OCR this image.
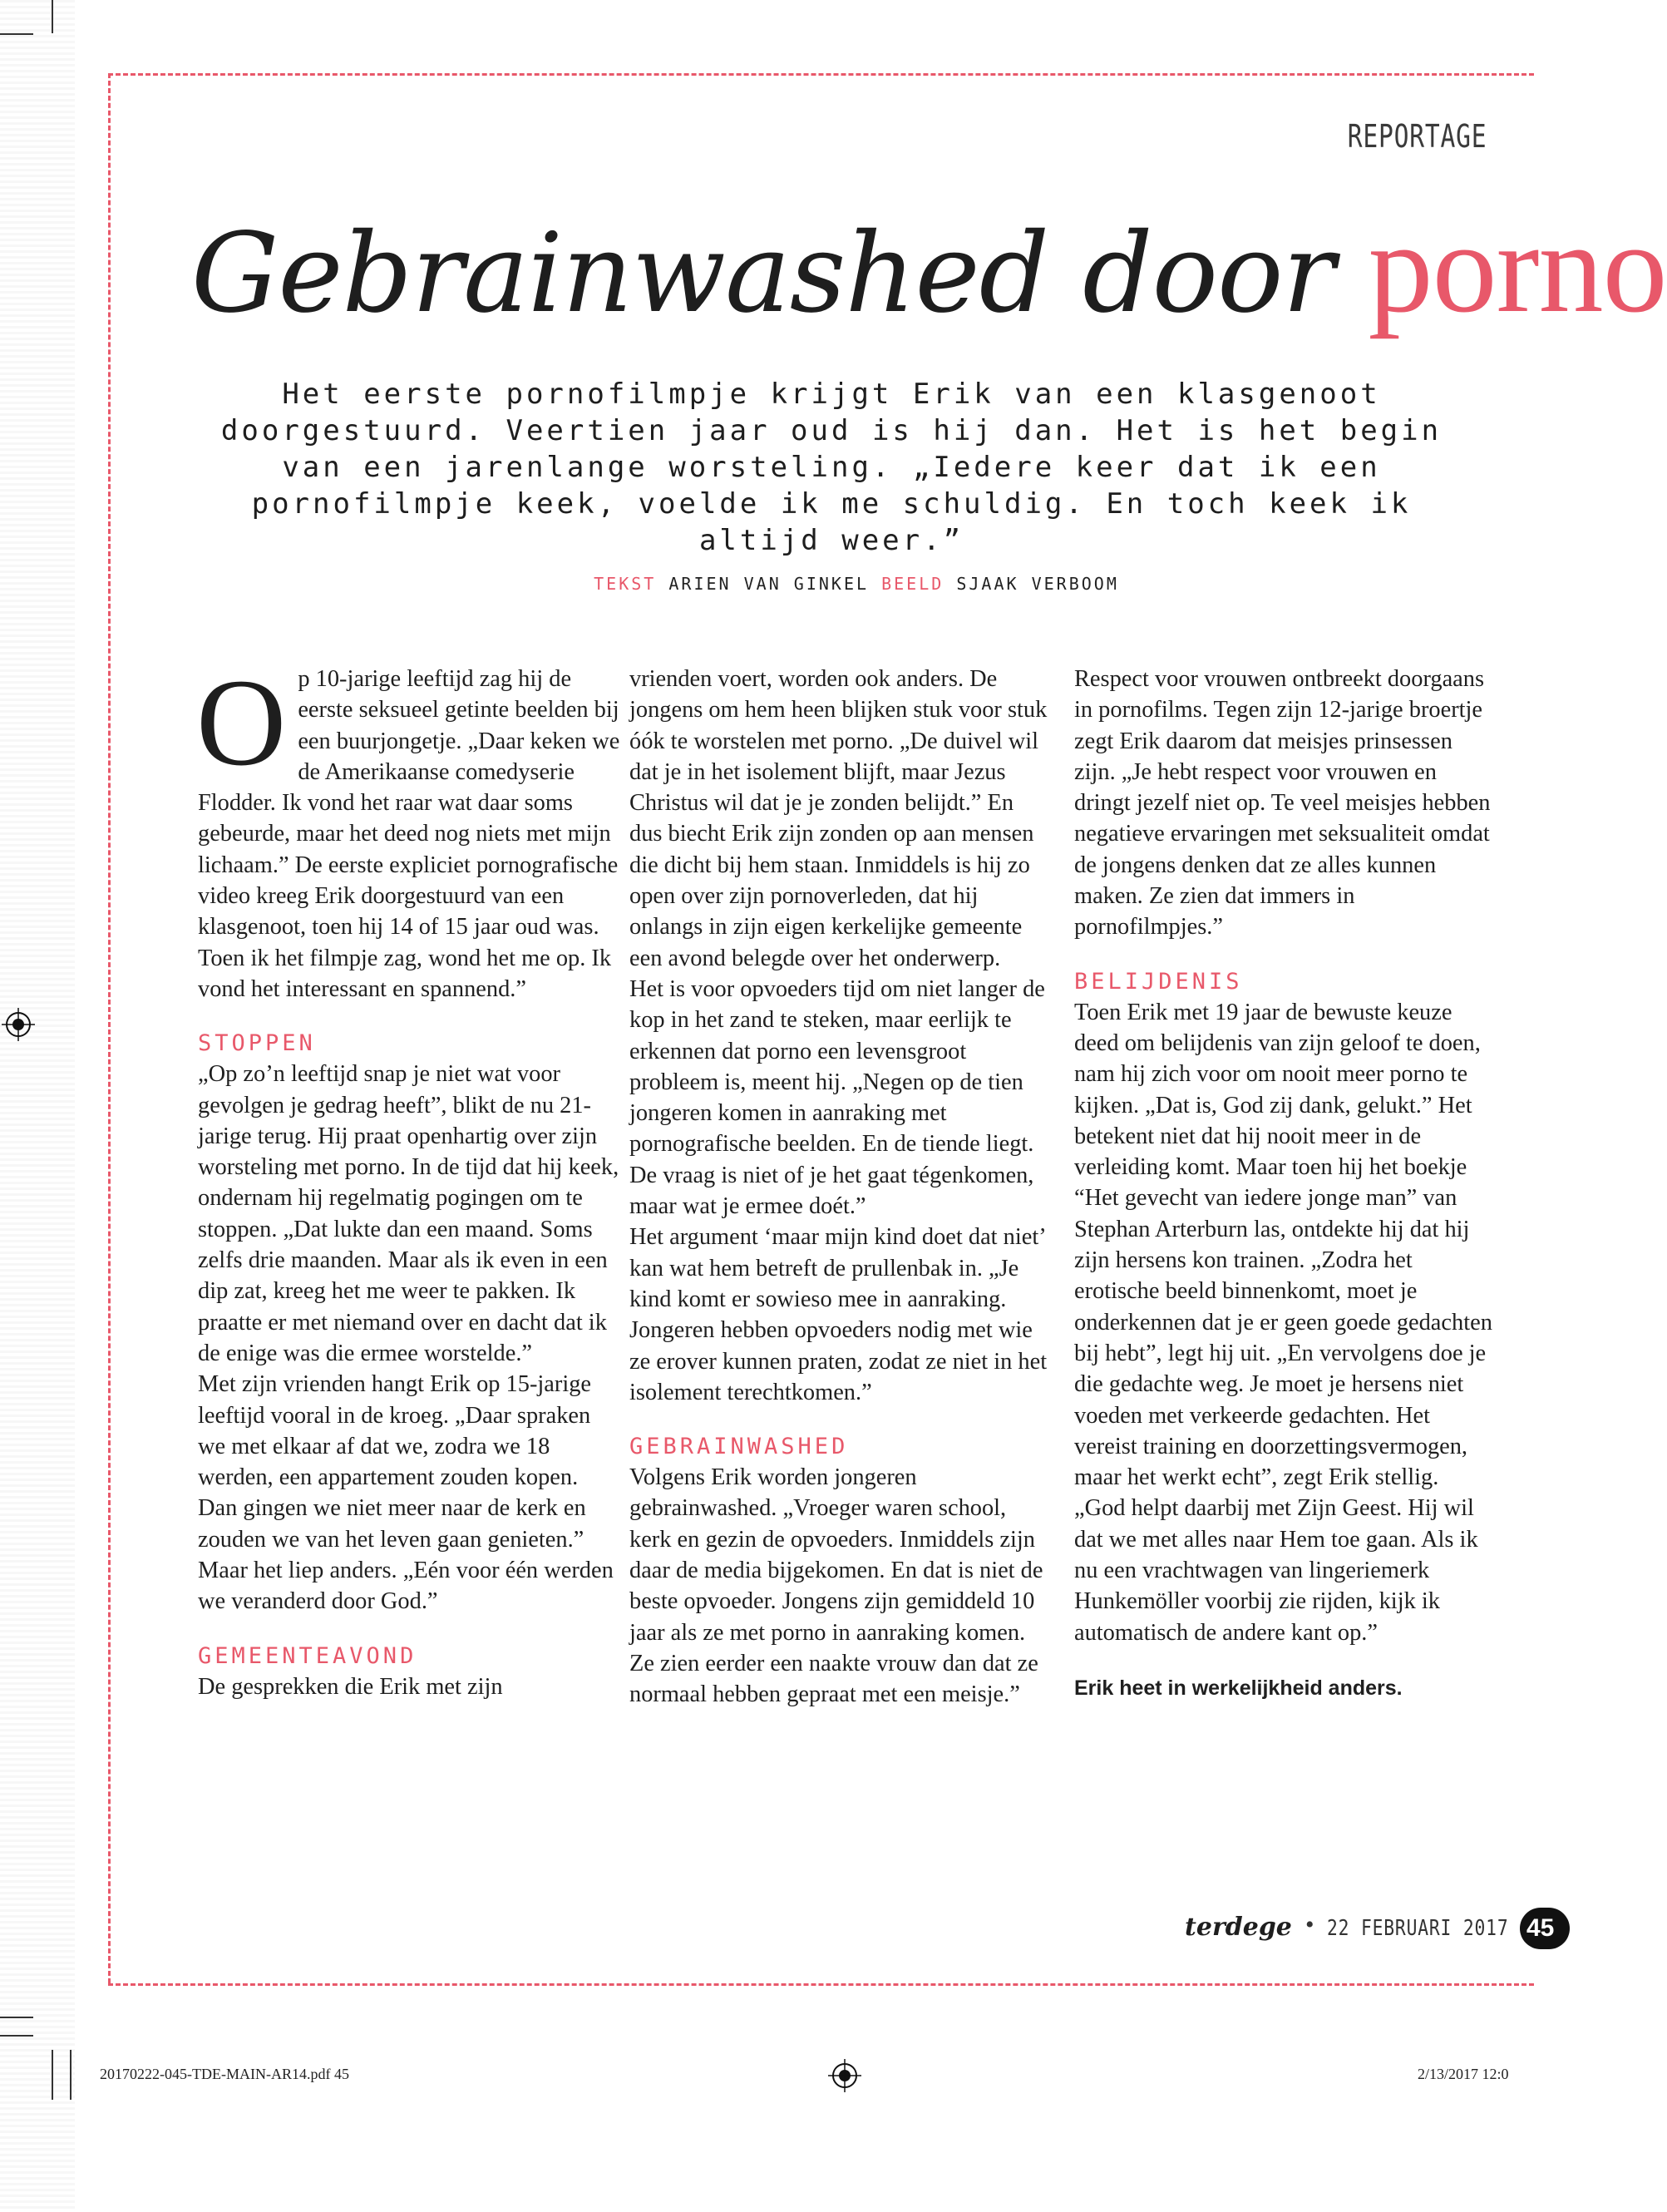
REPORTAGE
Gebrainwashed door porno
Het eerste pornofilmpje krijgt Erik van een klasgenoot doorgestuurd. Veertien jaar oud is hij dan. Het is het begin van een jarenlange worsteling. „Iedere keer dat ik een pornofilmpje keek, voelde ik me schuldig. En toch keek ik altijd weer.”
TEKST ARIEN VAN GINKEL BEELD SJAAK VERBOOM
O p 10-jarige leeftijd zag hij de eerste seksueel getinte beelden bij een buurjongetje. „Daar keken we de Amerikaanse comedyserie Flodder. Ik vond het raar wat daar soms gebeurde, maar het deed nog niets met mijn lichaam.” De eerste expliciet pornografische video kreeg Erik doorgestuurd van een klasgenoot, toen hij 14 of 15 jaar oud was. Toen ik het filmpje zag, wond het me op. Ik vond het interessant en spannend.”

STOPPEN

„Op zo’n leeftijd snap je niet wat voor gevolgen je gedrag heeft”, blikt de nu 21-jarige terug. Hij praat openhartig over zijn worsteling met porno. In de tijd dat hij keek, ondernam hij regelmatig pogingen om te stoppen. „Dat lukte dan een maand. Soms zelfs drie maanden. Maar als ik even in een dip zat, kreeg het me weer te pakken. Ik praatte er met niemand over en dacht dat ik de enige was die ermee worstelde.”

Met zijn vrienden hangt Erik op 15-jarige leeftijd vooral in de kroeg. „Daar spraken we met elkaar af dat we, zodra we 18 werden, een appartement zouden kopen. Dan gingen we niet meer naar de kerk en zouden we van het leven gaan genieten.”

Maar het liep anders. „Eén voor één werden we veranderd door God.”

GEMEENTEAVOND

De gesprekken die Erik met zijn

vrienden voert, worden ook anders. De jongens om hem heen blijken stuk voor stuk óók te worstelen met porno. „De duivel wil dat je in het isolement blijft, maar Jezus Christus wil dat je je zonden belijdt.” En dus biecht Erik zijn zonden op aan mensen die dicht bij hem staan. Inmiddels is hij zo open over zijn pornoverleden, dat hij onlangs in zijn eigen kerkelijke gemeente een avond belegde over het onderwerp.

Het is voor opvoeders tijd om niet langer de kop in het zand te steken, maar eerlijk te erkennen dat porno een levensgroot probleem is, meent hij. „Negen op de tien jongeren komen in aanraking met pornografische beelden. En de tiende liegt. De vraag is niet of je het gaat tégenkomen, maar wat je ermee doét.”

Het argument ‘maar mijn kind doet dat niet’ kan wat hem betreft de prullenbak in. „Je kind komt er sowieso mee in aanraking. Jongeren hebben opvoeders nodig met wie ze erover kunnen praten, zodat ze niet in het isolement terechtkomen.”

GEBRAINWASHED

Volgens Erik worden jongeren gebrainwashed. „Vroeger waren school, kerk en gezin de opvoeders. Inmiddels zijn daar de media bijgekomen. En dat is niet de beste opvoeder. Jongens zijn gemiddeld 10 jaar als ze met porno in aanraking komen. Ze zien eerder een naakte vrouw dan dat ze normaal hebben gepraat met een meisje.”

Respect voor vrouwen ontbreekt doorgaans in pornofilms. Tegen zijn 12-jarige broertje zegt Erik daarom dat meisjes prinsessen zijn. „Je hebt respect voor vrouwen en dringt jezelf niet op. Te veel meisjes hebben negatieve ervaringen met seksualiteit omdat de jongens denken dat ze alles kunnen maken. Ze zien dat immers in pornofilmpjes.”

BELIJDENIS

Toen Erik met 19 jaar de bewuste keuze deed om belijdenis van zijn geloof te doen, nam hij zich voor om nooit meer porno te kijken. „Dat is, God zij dank, gelukt.” Het betekent niet dat hij nooit meer in de verleiding komt. Maar toen hij het boekje “Het gevecht van iedere jonge man” van Stephan Arterburn las, ontdekte hij dat hij zijn hersens kon trainen. „Zodra het erotische beeld binnenkomt, moet je onderkennen dat je er geen goede gedachten bij hebt”, legt hij uit. „En vervolgens doe je die gedachte weg. Je moet je hersens niet voeden met verkeerde gedachten. Het vereist training en doorzettingsvermogen, maar het werkt echt”, zegt Erik stellig.

„God helpt daarbij met Zijn Geest. Hij wil dat we met alles naar Hem toe gaan. Als ik nu een vrachtwagen van lingeriemerk Hunkemöller voorbij zie rijden, kijk ik automatisch de andere kant op.”

Erik heet in werkelijkheid anders.

terdege • 22 FEBRUARI 2017 45
20170222-045-TDE-MAIN-AR14.pdf 45	2/13/2017 12:0
